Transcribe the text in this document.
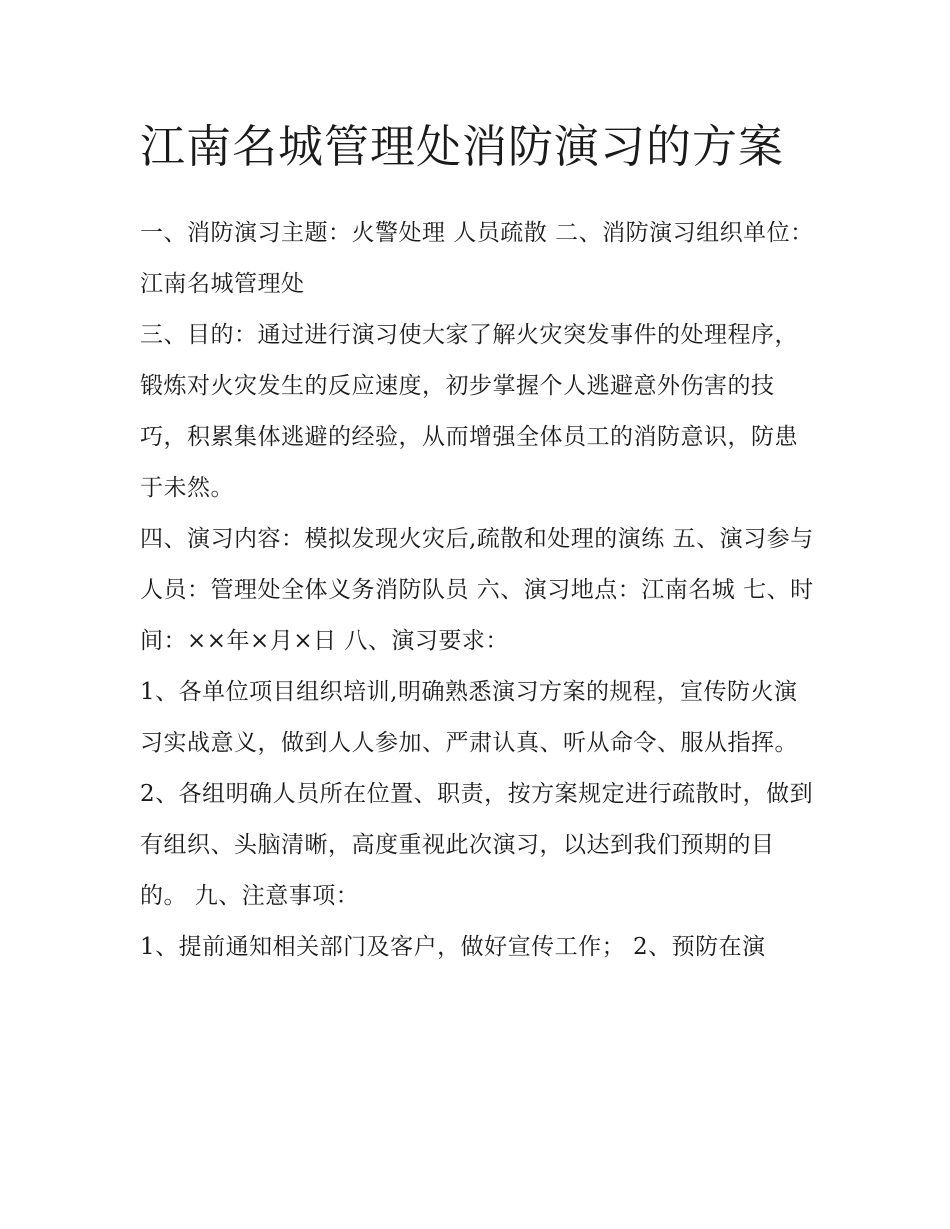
江南名城管理处消防演习的方案

一、消防演习主题：火警处理 人员疏散 二、消防演习组织单位：江南名城管理处

三、目的：通过进行演习使大家了解火灾突发事件的处理程序，锻炼对火灾发生的反应速度，初步掌握个人逃避意外伤害的技巧，积累集体逃避的经验，从而增强全体员工的消防意识，防患于未然。

四、演习内容：模拟发现火灾后,疏散和处理的演练 五、演习参与人员：管理处全体义务消防队员 六、演习地点：江南名城 七、时间：××年×月×日 八、演习要求：

1、各单位项目组织培训,明确熟悉演习方案的规程，宣传防火演习实战意义，做到人人参加、严肃认真、听从命令、服从指挥。

2、各组明确人员所在位置、职责，按方案规定进行疏散时，做到有组织、头脑清晰，高度重视此次演习，以达到我们预期的目的。 九、注意事项：

1、提前通知相关部门及客户，做好宣传工作； 2、预防在演
